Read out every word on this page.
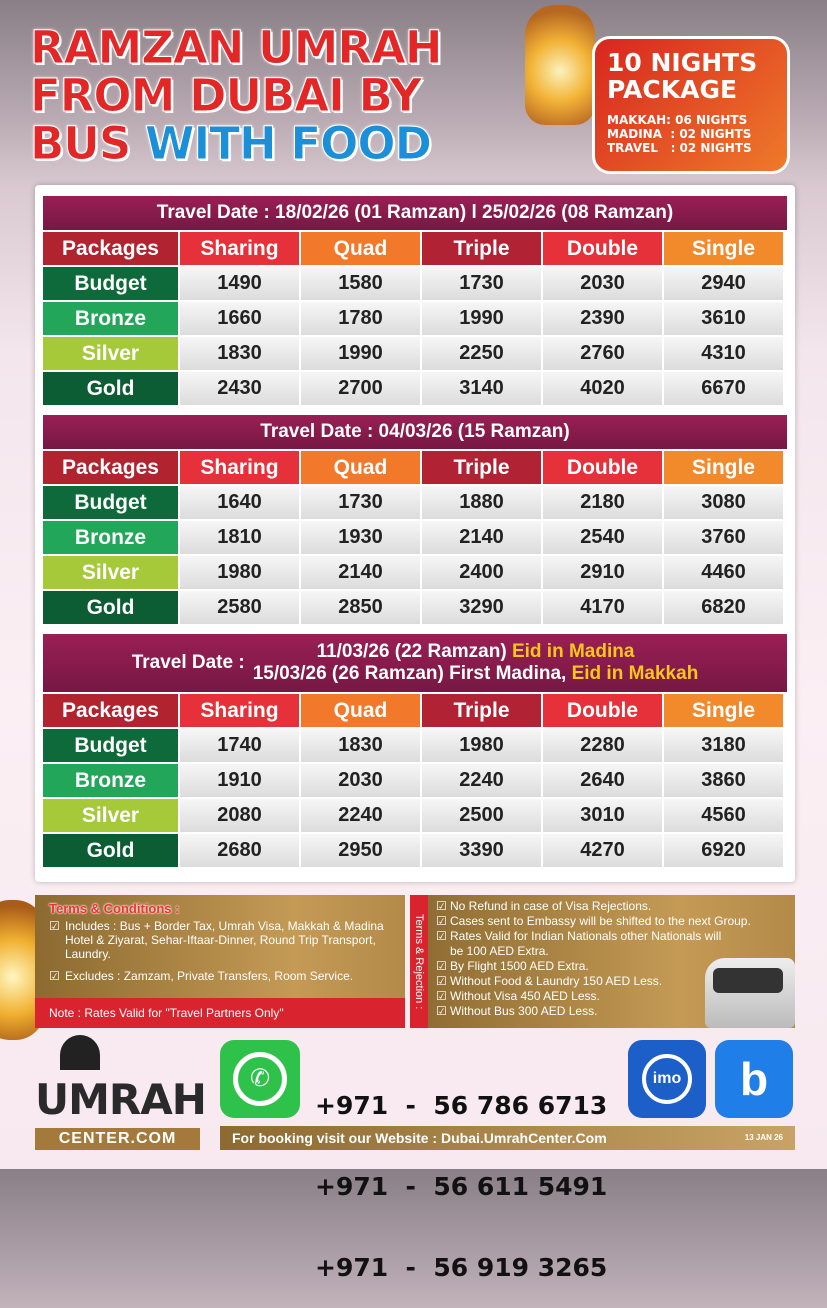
RAMZAN UMRAH
FROM DUBAI BY
BUS WITH FOOD
10 NIGHTS
PACKAGE
MAKKAH: 06 NIGHTS
MADINA  : 02 NIGHTS
TRAVEL   : 02 NIGHTS
Travel Date : 18/02/26 (01 Ramzan) l 25/02/26 (08 Ramzan)
Packages	Sharing	Quad	Triple	Double	Single
Budget	1490	1580	1730	2030	2940
Bronze	1660	1780	1990	2390	3610
Silver	1830	1990	2250	2760	4310
Gold	2430	2700	3140	4020	6670
Travel Date : 04/03/26 (15 Ramzan)
Packages	Sharing	Quad	Triple	Double	Single
Budget	1640	1730	1880	2180	3080
Bronze	1810	1930	2140	2540	3760
Silver	1980	2140	2400	2910	4460
Gold	2580	2850	3290	4170	6820
Travel Date :
11/03/26 (22 Ramzan) Eid in Madina
15/03/26 (26 Ramzan) First Madina, Eid in Makkah
Packages	Sharing	Quad	Triple	Double	Single
Budget	1740	1830	1980	2280	3180
Bronze	1910	2030	2240	2640	3860
Silver	2080	2240	2500	3010	4560
Gold	2680	2950	3390	4270	6920
Terms & Conditions :
☑ Includes : Bus + Border Tax, Umrah Visa, Makkah & Madina Hotel & Ziyarat, Sehar-Iftaar-Dinner, Round Trip Transport, Laundry.
☑ Excludes : Zamzam, Private Transfers, Room Service.
Note : Rates Valid for "Travel Partners Only"
Terms & Rejection :
☑ No Refund in case of Visa Rejections.
☑ Cases sent to Embassy will be shifted to the next Group.
☑ Rates Valid for Indian Nationals other Nationals will be 100 AED Extra.
☑ By Flight 1500 AED Extra.
☑ Without Food & Laundry 150 AED Less.
☑ Without Visa 450 AED Less.
☑ Without Bus 300 AED Less.
UMRAH
CENTER.COM
✆

+971  -  56 786 6713

+971  -  56 611 5491

+971  -  56 919 3265

imo b
For booking visit our Website : Dubai.UmrahCenter.Com	13 JAN 26
